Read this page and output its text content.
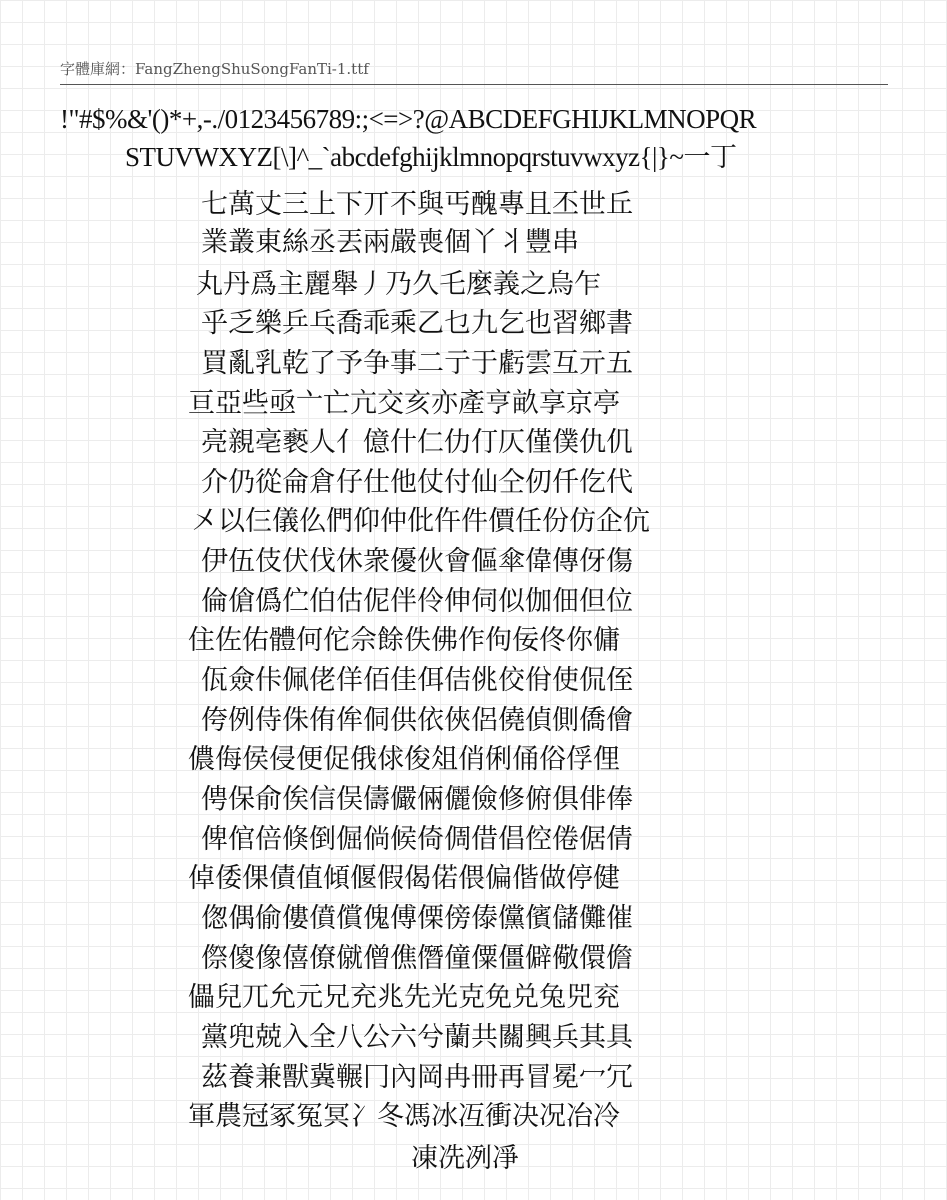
字體庫網：FangZhengShuSongFanTi-1.ttf
!"#$%&'()*+,-./0123456789:;<=>?@ABCDEFGHIJKLMNOPQR
STUVWXYZ[\]^_`abcdefghijklmnopqrstuvwxyz{|}~一丁
七萬丈三上下丌不與丐醜專且丕世丘
業叢東絲丞丟兩嚴喪個丫丬豐串
丸丹爲主麗舉丿乃久乇麼義之烏乍
乎乏樂乒乓喬乖乘乙乜九乞也習鄉書
買亂乳乾了予争事二亍于虧雲互亓五
亘亞些亟亠亡亢交亥亦產亨畝享京亭
亮親亳褻人亻億什仁仂仃仄僅僕仇仉
介仍從侖倉仔仕他仗付仙仝仞仟仡代
㐅以仨儀仫們仰仲仳仵件價任份仿企伉
伊伍伎伏伐休衆優伙會傴傘偉傳伢傷
倫傖僞伫伯估伲伴伶伸伺似伽佃但位
住佐佑體何佗佘餘佚佛作佝佞佟你傭
佤僉佧佩佬佯佰佳佴佶佻佼佾使侃侄
侉例侍侏侑侔侗供依俠侶僥偵側僑儈
儂侮侯侵便促俄俅俊俎俏俐俑俗俘俚
俜保俞俟信俣儔儼倆儷儉修俯俱俳俸
俾倌倍倏倒倔倘候倚倜借倡倥倦倨倩
倬倭倮債值傾偃假偈偌偎偏偕做停健
偬偶偷僂僨償傀傅傈傍傣儻儐儲儺催
傺傻像僖僚僦僧僬僭僮僳僵僻儆儇儋
儡兒兀允元兄充兆先光克免兑兔兕兖
黨兜兢入全八公六兮蘭共關興兵其具
茲養兼獸冀冁冂內岡冉冊再冒冕冖冗
軍農冠冢冤冥冫冬馮冰冱衝决况冶冷
凍冼冽凈
